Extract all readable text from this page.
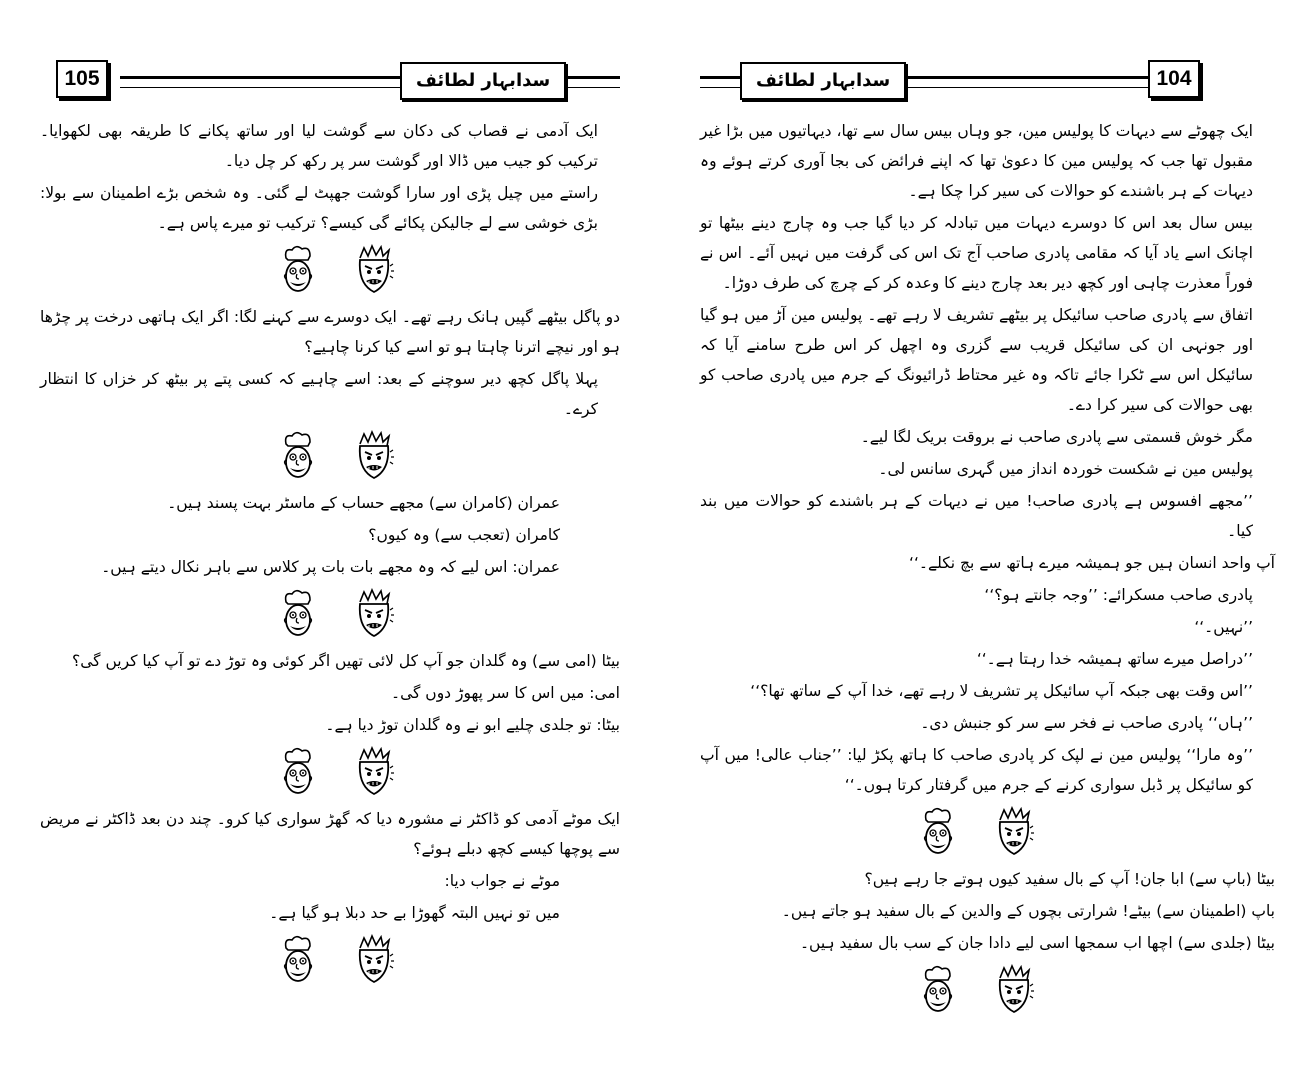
سدابہار لطائف
105

ایک آدمی نے قصاب کی دکان سے گوشت لیا اور ساتھ پکانے کا طریقہ بھی لکھوایا۔ ترکیب کو جیب میں ڈالا اور گوشت سر پر رکھ کر چل دیا۔

راستے میں چیل پڑی اور سارا گوشت جھپٹ لے گئی۔ وہ شخص بڑے اطمینان سے بولا: بڑی خوشی سے لے جالیکن پکائے گی کیسے؟ ترکیب تو میرے پاس ہے۔

دو پاگل بیٹھے گپیں ہانک رہے تھے۔ ایک دوسرے سے کہنے لگا: اگر ایک ہاتھی درخت پر چڑھا ہو اور نیچے اترنا چاہتا ہو تو اسے کیا کرنا چاہیے؟

پہلا پاگل کچھ دیر سوچنے کے بعد: اسے چاہیے کہ کسی پتے پر بیٹھ کر خزاں کا انتظار کرے۔

عمران (کامران سے) مجھے حساب کے ماسٹر بہت پسند ہیں۔

کامران (تعجب سے) وہ کیوں؟

عمران: اس لیے کہ وہ مجھے بات بات پر کلاس سے باہر نکال دیتے ہیں۔

بیٹا (امی سے) وہ گلدان جو آپ کل لائی تھیں اگر کوئی وہ توڑ دے تو آپ کیا کریں گی؟

امی: میں اس کا سر پھوڑ دوں گی۔

بیٹا: تو جلدی چلیے ابو نے وہ گلدان توڑ دیا ہے۔

ایک موٹے آدمی کو ڈاکٹر نے مشورہ دیا کہ گھڑ سواری کیا کرو۔ چند دن بعد ڈاکٹر نے مریض سے پوچھا کیسے کچھ دبلے ہوئے؟

موٹے نے جواب دیا:

میں تو نہیں البتہ گھوڑا بے حد دبلا ہو گیا ہے۔

سدابہار لطائف	104

ایک چھوٹے سے دیہات کا پولیس مین، جو وہاں بیس سال سے تھا، دیہاتیوں میں بڑا غیر مقبول تھا جب کہ پولیس مین کا دعویٰ تھا کہ اپنے فرائض کی بجا آوری کرتے ہوئے وہ دیہات کے ہر باشندے کو حوالات کی سیر کرا چکا ہے۔

بیس سال بعد اس کا دوسرے دیہات میں تبادلہ کر دیا گیا جب وہ چارج دینے بیٹھا تو اچانک اسے یاد آیا کہ مقامی پادری صاحب آج تک اس کی گرفت میں نہیں آئے۔ اس نے فوراً معذرت چاہی اور کچھ دیر بعد چارج دینے کا وعدہ کر کے چرچ کی طرف دوڑا۔

اتفاق سے پادری صاحب سائیکل پر بیٹھے تشریف لا رہے تھے۔ پولیس مین آڑ میں ہو گیا اور جونہی ان کی سائیکل قریب سے گزری وہ اچھل کر اس طرح سامنے آیا کہ سائیکل اس سے ٹکرا جائے تاکہ وہ غیر محتاط ڈرائیونگ کے جرم میں پادری صاحب کو بھی حوالات کی سیر کرا دے۔

مگر خوش قسمتی سے پادری صاحب نے بروقت بریک لگا لیے۔

پولیس مین نے شکست خوردہ انداز میں گہری سانس لی۔

’’مجھے افسوس ہے پادری صاحب! میں نے دیہات کے ہر باشندے کو حوالات میں بند کیا۔

آپ واحد انسان ہیں جو ہمیشہ میرے ہاتھ سے بچ نکلے۔‘‘

پادری صاحب مسکرائے: ’’وجہ جانتے ہو؟‘‘

’’نہیں۔‘‘

’’دراصل میرے ساتھ ہمیشہ خدا رہتا ہے۔‘‘

’’اس وقت بھی جبکہ آپ سائیکل پر تشریف لا رہے تھے، خدا آپ کے ساتھ تھا؟‘‘

’’ہاں‘‘ پادری صاحب نے فخر سے سر کو جنبش دی۔

’’وہ مارا‘‘ پولیس مین نے لپک کر پادری صاحب کا ہاتھ پکڑ لیا: ’’جناب عالی! میں آپ کو سائیکل پر ڈبل سواری کرنے کے جرم میں گرفتار کرتا ہوں۔‘‘

بیٹا (باپ سے) ابا جان! آپ کے بال سفید کیوں ہوتے جا رہے ہیں؟

باپ (اطمینان سے) بیٹے! شرارتی بچوں کے والدین کے بال سفید ہو جاتے ہیں۔

بیٹا (جلدی سے) اچھا اب سمجھا اسی لیے دادا جان کے سب بال سفید ہیں۔
